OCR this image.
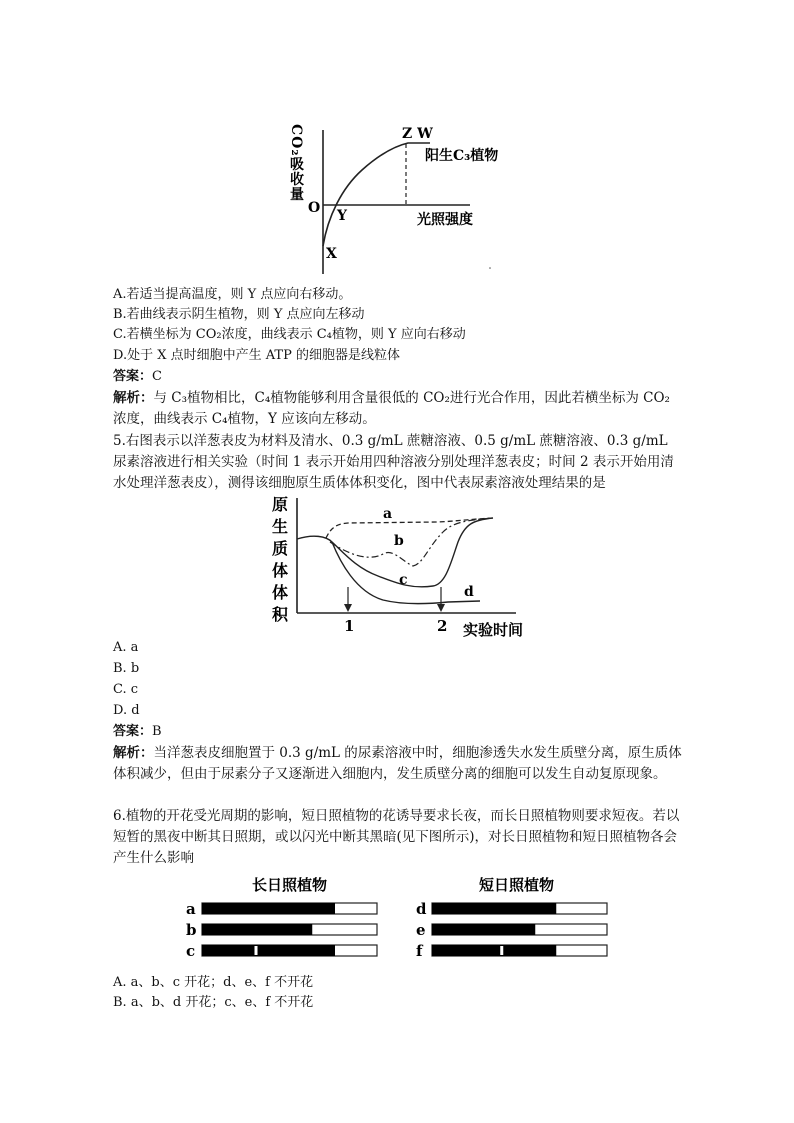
CO₂吸收量
O Y
X
Z W
阳生C₃植物
光照强度
A.若适当提高温度，则 Y 点应向右移动。
B.若曲线表示阴生植物，则 Y 点应向左移动
C.若横坐标为 CO₂浓度，曲线表示 C₄植物，则 Y 应向右移动
D.处于 X 点时细胞中产生 ATP 的细胞器是线粒体
答案：C
解析：与 C₃植物相比，C₄植物能够利用含量很低的 CO₂进行光合作用，因此若横坐标为 CO₂浓度，曲线表示 C₄植物，Y 应该向左移动。
5.右图表示以洋葱表皮为材料及清水、0.3 g/mL 蔗糖溶液、0.5 g/mL 蔗糖溶液、0.3 g/mL 尿素溶液进行相关实验（时间 1 表示开始用四种溶液分别处理洋葱表皮；时间 2 表示开始用清水处理洋葱表皮），测得该细胞原生质体体积变化，图中代表尿素溶液处理结果的是
原
生
质
体
体
积
a
b
c
d
1	2 实验时间
A. a
B. b
C. c
D. d
答案：B
解析：当洋葱表皮细胞置于 0.3 g/mL 的尿素溶液中时，细胞渗透失水发生质壁分离，原生质体体积减少，但由于尿素分子又逐渐进入细胞内，发生质壁分离的细胞可以发生自动复原现象。
6.植物的开花受光周期的影响，短日照植物的花诱导要求长夜，而长日照植物则要求短夜。若以短暂的黑夜中断其日照期，或以闪光中断其黑暗(见下图所示)，对长日照植物和短日照植物各会产生什么影响
长日照植物	短日照植物
a
b
c
d
e
f
A. a、b、c 开花；d、e、f 不开花
B. a、b、d 开花；c、e、f 不开花
